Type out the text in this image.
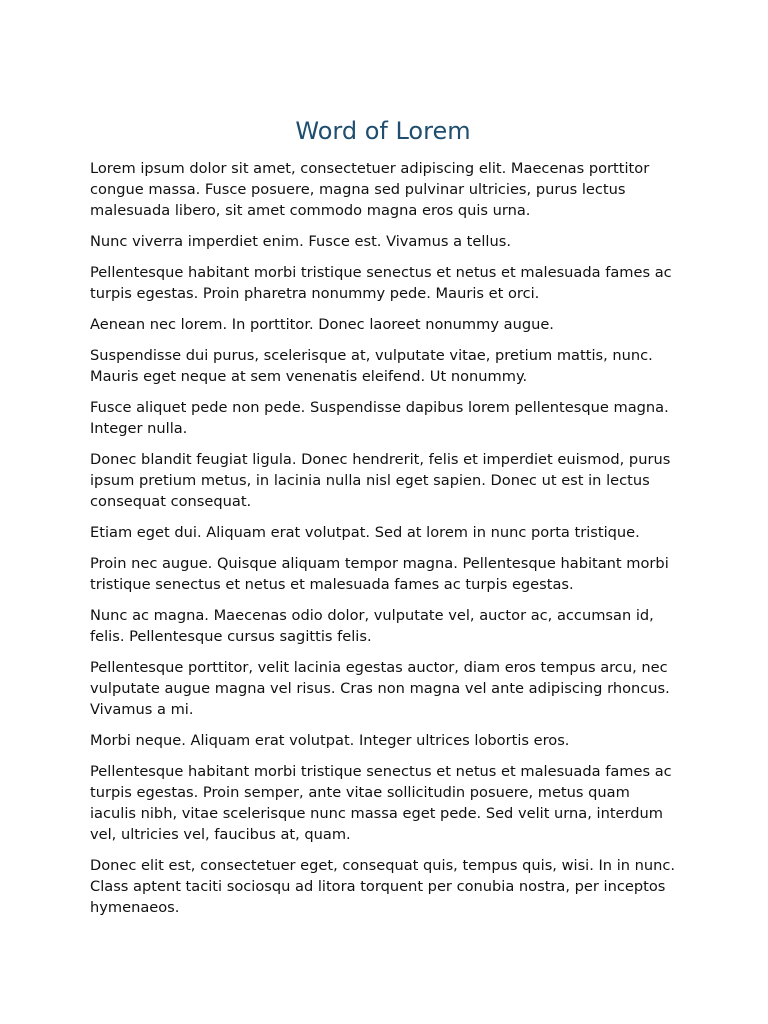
Word of Lorem

Lorem ipsum dolor sit amet, consectetuer adipiscing elit. Maecenas porttitor congue massa. Fusce posuere, magna sed pulvinar ultricies, purus lectus malesuada libero, sit amet commodo magna eros quis urna.

Nunc viverra imperdiet enim. Fusce est. Vivamus a tellus.

Pellentesque habitant morbi tristique senectus et netus et malesuada fames ac turpis egestas. Proin pharetra nonummy pede. Mauris et orci.

Aenean nec lorem. In porttitor. Donec laoreet nonummy augue.

Suspendisse dui purus, scelerisque at, vulputate vitae, pretium mattis, nunc. Mauris eget neque at sem venenatis eleifend. Ut nonummy.

Fusce aliquet pede non pede. Suspendisse dapibus lorem pellentesque magna. Integer nulla.

Donec blandit feugiat ligula. Donec hendrerit, felis et imperdiet euismod, purus ipsum pretium metus, in lacinia nulla nisl eget sapien. Donec ut est in lectus consequat consequat.

Etiam eget dui. Aliquam erat volutpat. Sed at lorem in nunc porta tristique.

Proin nec augue. Quisque aliquam tempor magna. Pellentesque habitant morbi tristique senectus et netus et malesuada fames ac turpis egestas.

Nunc ac magna. Maecenas odio dolor, vulputate vel, auctor ac, accumsan id, felis. Pellentesque cursus sagittis felis.

Pellentesque porttitor, velit lacinia egestas auctor, diam eros tempus arcu, nec vulputate augue magna vel risus. Cras non magna vel ante adipiscing rhoncus. Vivamus a mi.

Morbi neque. Aliquam erat volutpat. Integer ultrices lobortis eros.

Pellentesque habitant morbi tristique senectus et netus et malesuada fames ac turpis egestas. Proin semper, ante vitae sollicitudin posuere, metus quam iaculis nibh, vitae scelerisque nunc massa eget pede. Sed velit urna, interdum vel, ultricies vel, faucibus at, quam.

Donec elit est, consectetuer eget, consequat quis, tempus quis, wisi. In in nunc. Class aptent taciti sociosqu ad litora torquent per conubia nostra, per inceptos hymenaeos.
